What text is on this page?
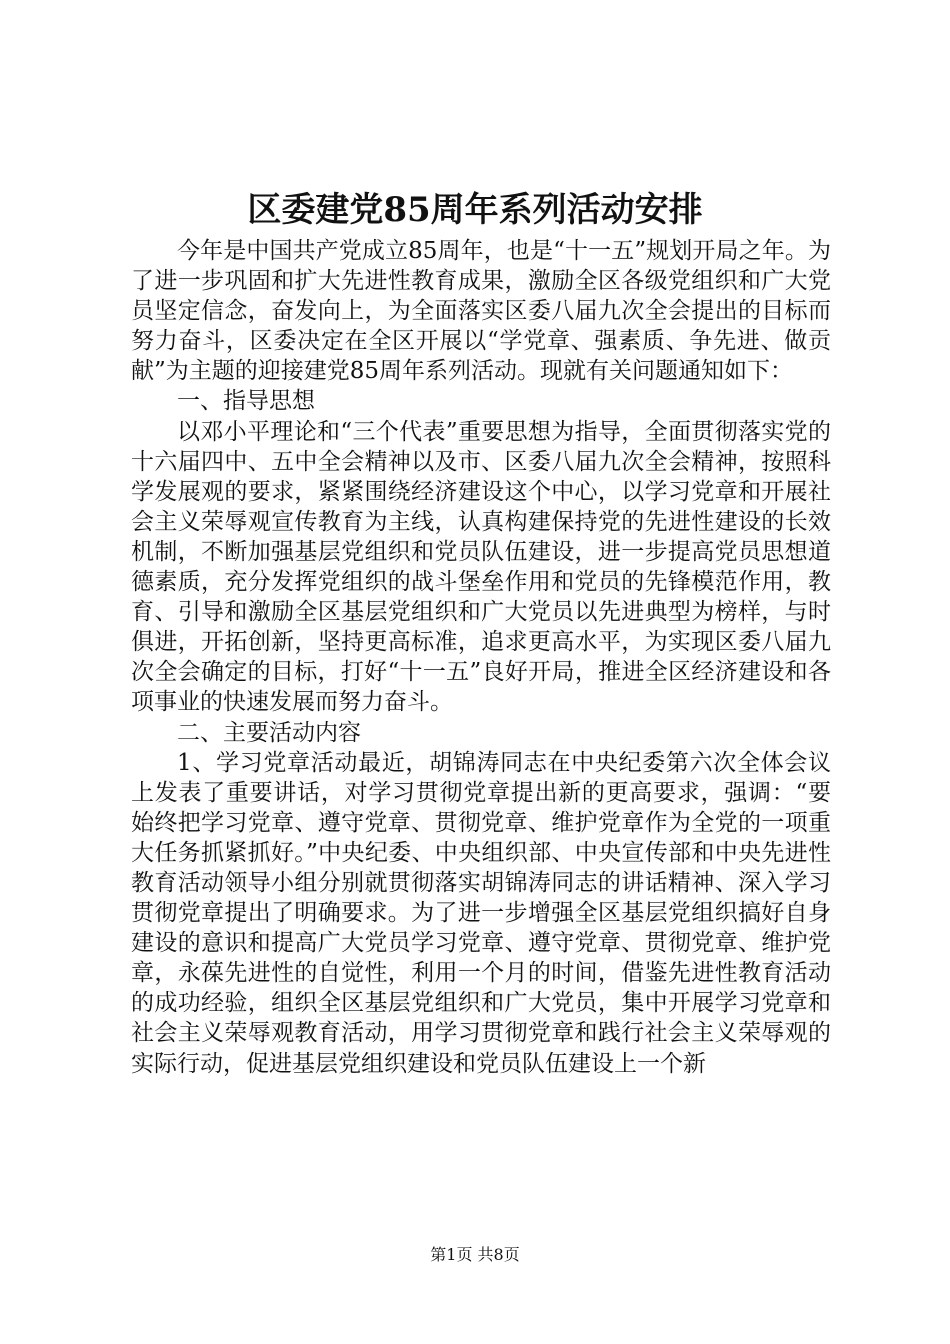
区委建党85周年系列活动安排

今年是中国共产党成立85周年，也是“十一五”规划开局之年。为了进一步巩固和扩大先进性教育成果，激励全区各级党组织和广大党员坚定信念，奋发向上，为全面落实区委八届九次全会提出的目标而努力奋斗，区委决定在全区开展以“学党章、强素质、争先进、做贡献”为主题的迎接建党85周年系列活动。现就有关问题通知如下：

一、指导思想

以邓小平理论和“三个代表”重要思想为指导，全面贯彻落实党的十六届四中、五中全会精神以及市、区委八届九次全会精神，按照科学发展观的要求，紧紧围绕经济建设这个中心，以学习党章和开展社会主义荣辱观宣传教育为主线，认真构建保持党的先进性建设的长效机制，不断加强基层党组织和党员队伍建设，进一步提高党员思想道德素质，充分发挥党组织的战斗堡垒作用和党员的先锋模范作用，教育、引导和激励全区基层党组织和广大党员以先进典型为榜样，与时俱进，开拓创新，坚持更高标准，追求更高水平，为实现区委八届九次全会确定的目标，打好“十一五”良好开局，推进全区经济建设和各项事业的快速发展而努力奋斗。

二、主要活动内容

1、学习党章活动最近，胡锦涛同志在中央纪委第六次全体会议上发表了重要讲话，对学习贯彻党章提出新的更高要求，强调：“要始终把学习党章、遵守党章、贯彻党章、维护党章作为全党的一项重大任务抓紧抓好。”中央纪委、中央组织部、中央宣传部和中央先进性教育活动领导小组分别就贯彻落实胡锦涛同志的讲话精神、深入学习贯彻党章提出了明确要求。为了进一步增强全区基层党组织搞好自身建设的意识和提高广大党员学习党章、遵守党章、贯彻党章、维护党章，永葆先进性的自觉性，利用一个月的时间，借鉴先进性教育活动的成功经验，组织全区基层党组织和广大党员，集中开展学习党章和社会主义荣辱观教育活动，用学习贯彻党章和践行社会主义荣辱观的实际行动，促进基层党组织建设和党员队伍建设上一个新

第1页 共8页
